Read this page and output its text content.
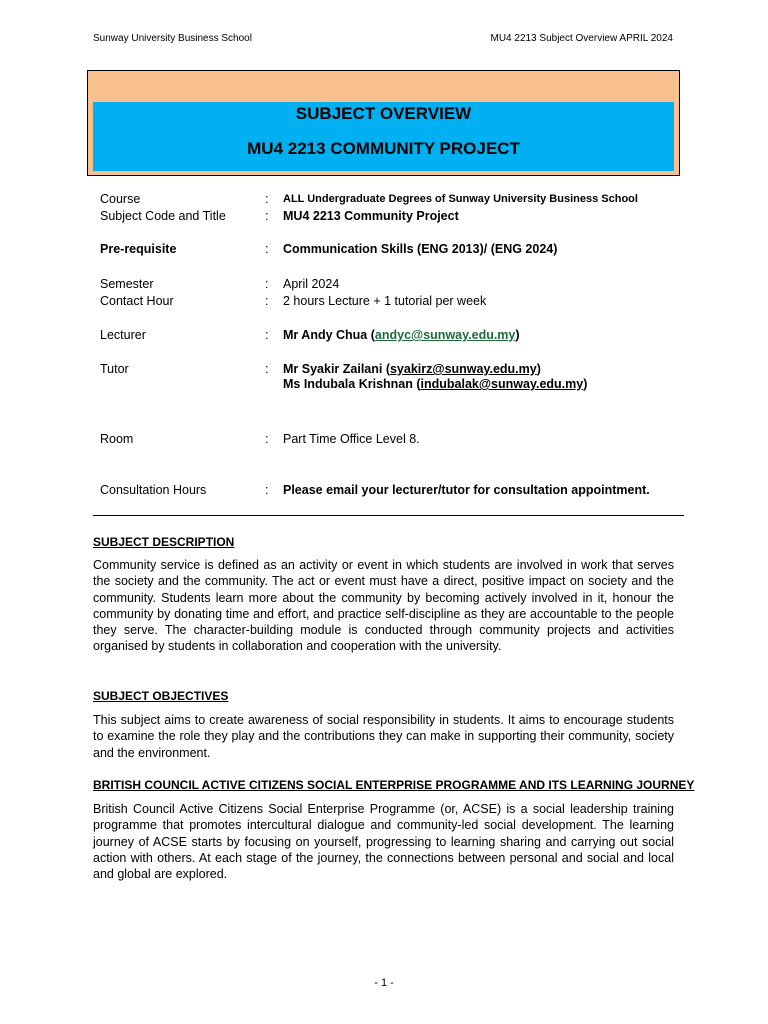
Sunway University Business School	MU4 2213 Subject Overview APRIL 2024
SUBJECT OVERVIEW
MU4 2213 COMMUNITY PROJECT
Course	: ALL Undergraduate Degrees of Sunway University Business School
Subject Code and Title	: MU4 2213 Community Project
Pre-requisite	: Communication Skills (ENG 2013)/ (ENG 2024)
Semester	: April 2024
Contact Hour	: 2 hours Lecture + 1 tutorial per week
Lecturer	: Mr Andy Chua (andyc@sunway.edu.my)
Tutor	: Mr Syakir Zailani (syakirz@sunway.edu.my)
Ms Indubala Krishnan (indubalak@sunway.edu.my)
Room	: Part Time Office Level 8.
Consultation Hours	: Please email your lecturer/tutor for consultation appointment.
SUBJECT DESCRIPTION

Community service is defined as an activity or event in which students are involved in work that serves the society and the community. The act or event must have a direct, positive impact on society and the community. Students learn more about the community by becoming actively involved in it, honour the community by donating time and effort, and practice self-discipline as they are accountable to the people they serve. The character-building module is conducted through community projects and activities organised by students in collaboration and cooperation with the university.

SUBJECT OBJECTIVES

This subject aims to create awareness of social responsibility in students. It aims to encourage students to examine the role they play and the contributions they can make in supporting their community, society and the environment.

BRITISH COUNCIL ACTIVE CITIZENS SOCIAL ENTERPRISE PROGRAMME AND ITS LEARNING JOURNEY

British Council Active Citizens Social Enterprise Programme (or, ACSE) is a social leadership training programme that promotes intercultural dialogue and community-led social development. The learning journey of ACSE starts by focusing on yourself, progressing to learning sharing and carrying out social action with others. At each stage of the journey, the connections between personal and social and local and global are explored.

- 1 -
